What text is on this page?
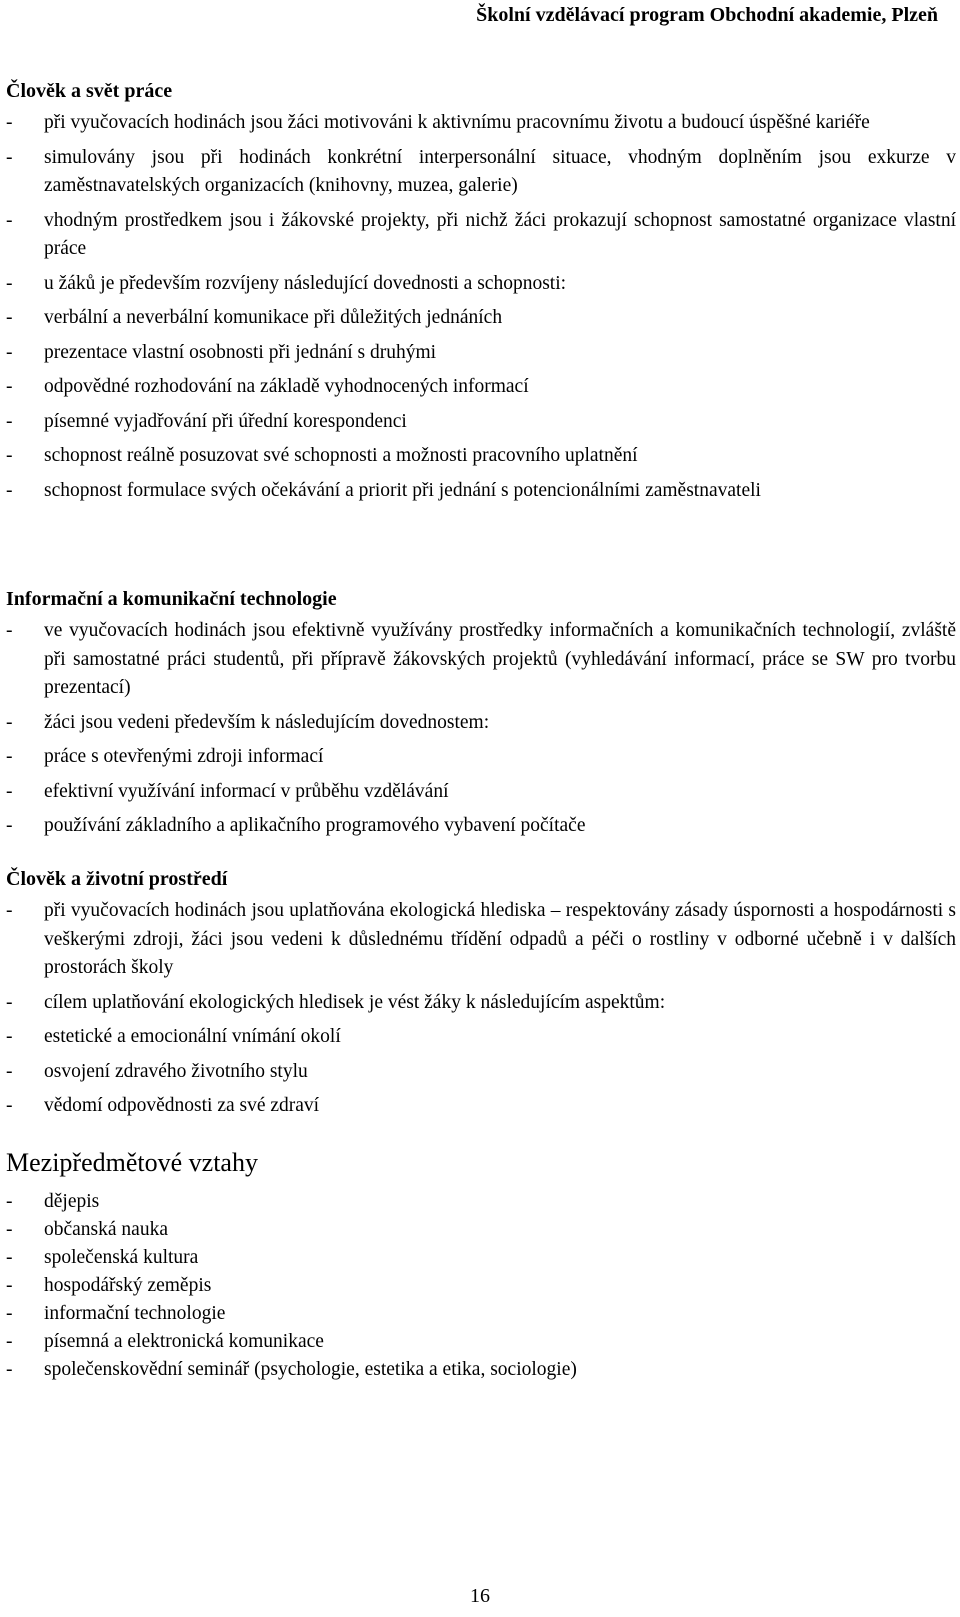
Školní vzdělávací program Obchodní akademie, Plzeň
Člověk a svět práce
- při vyučovacích hodinách jsou žáci motivováni k aktivnímu pracovnímu životu a budoucí úspěšné kariéře
- simulovány jsou při hodinách konkrétní interpersonální situace, vhodným doplněním jsou exkurze v zaměstnavatelských organizacích (knihovny, muzea, galerie)
- vhodným prostředkem jsou i žákovské projekty, při nichž žáci prokazují schopnost samostatné organizace vlastní práce
- u žáků je především rozvíjeny následující dovednosti a schopnosti:
- verbální a neverbální komunikace při důležitých jednáních
- prezentace vlastní osobnosti při jednání s druhými
- odpovědné rozhodování na základě vyhodnocených informací
- písemné vyjadřování při úřední korespondenci
- schopnost reálně posuzovat své schopnosti a možnosti pracovního uplatnění
- schopnost formulace svých očekávání a priorit při jednání s potencionálními zaměstnavateli
Informační a komunikační technologie
- ve vyučovacích hodinách jsou efektivně využívány prostředky informačních a komunikačních technologií, zvláště při samostatné práci studentů, při přípravě žákovských projektů (vyhledávání informací, práce se SW pro tvorbu prezentací)
- žáci jsou vedeni především k následujícím dovednostem:
- práce s otevřenými zdroji informací
- efektivní využívání informací v průběhu vzdělávání
- používání základního a aplikačního programového vybavení počítače
Člověk a životní prostředí
- při vyučovacích hodinách jsou uplatňována ekologická hlediska – respektovány zásady úspornosti a hospodárnosti s veškerými zdroji, žáci jsou vedeni k důslednému třídění odpadů a péči o rostliny v odborné učebně i v dalších prostorách školy
- cílem uplatňování ekologických hledisek je vést žáky k následujícím aspektům:
- estetické a emocionální vnímání okolí
- osvojení zdravého životního stylu
- vědomí odpovědnosti za své zdraví
Mezipředmětové vztahy
- dějepis
- občanská nauka
- společenská kultura
- hospodářský zeměpis
- informační technologie
- písemná a elektronická komunikace
- společenskovědní seminář (psychologie, estetika a etika, sociologie)
16
